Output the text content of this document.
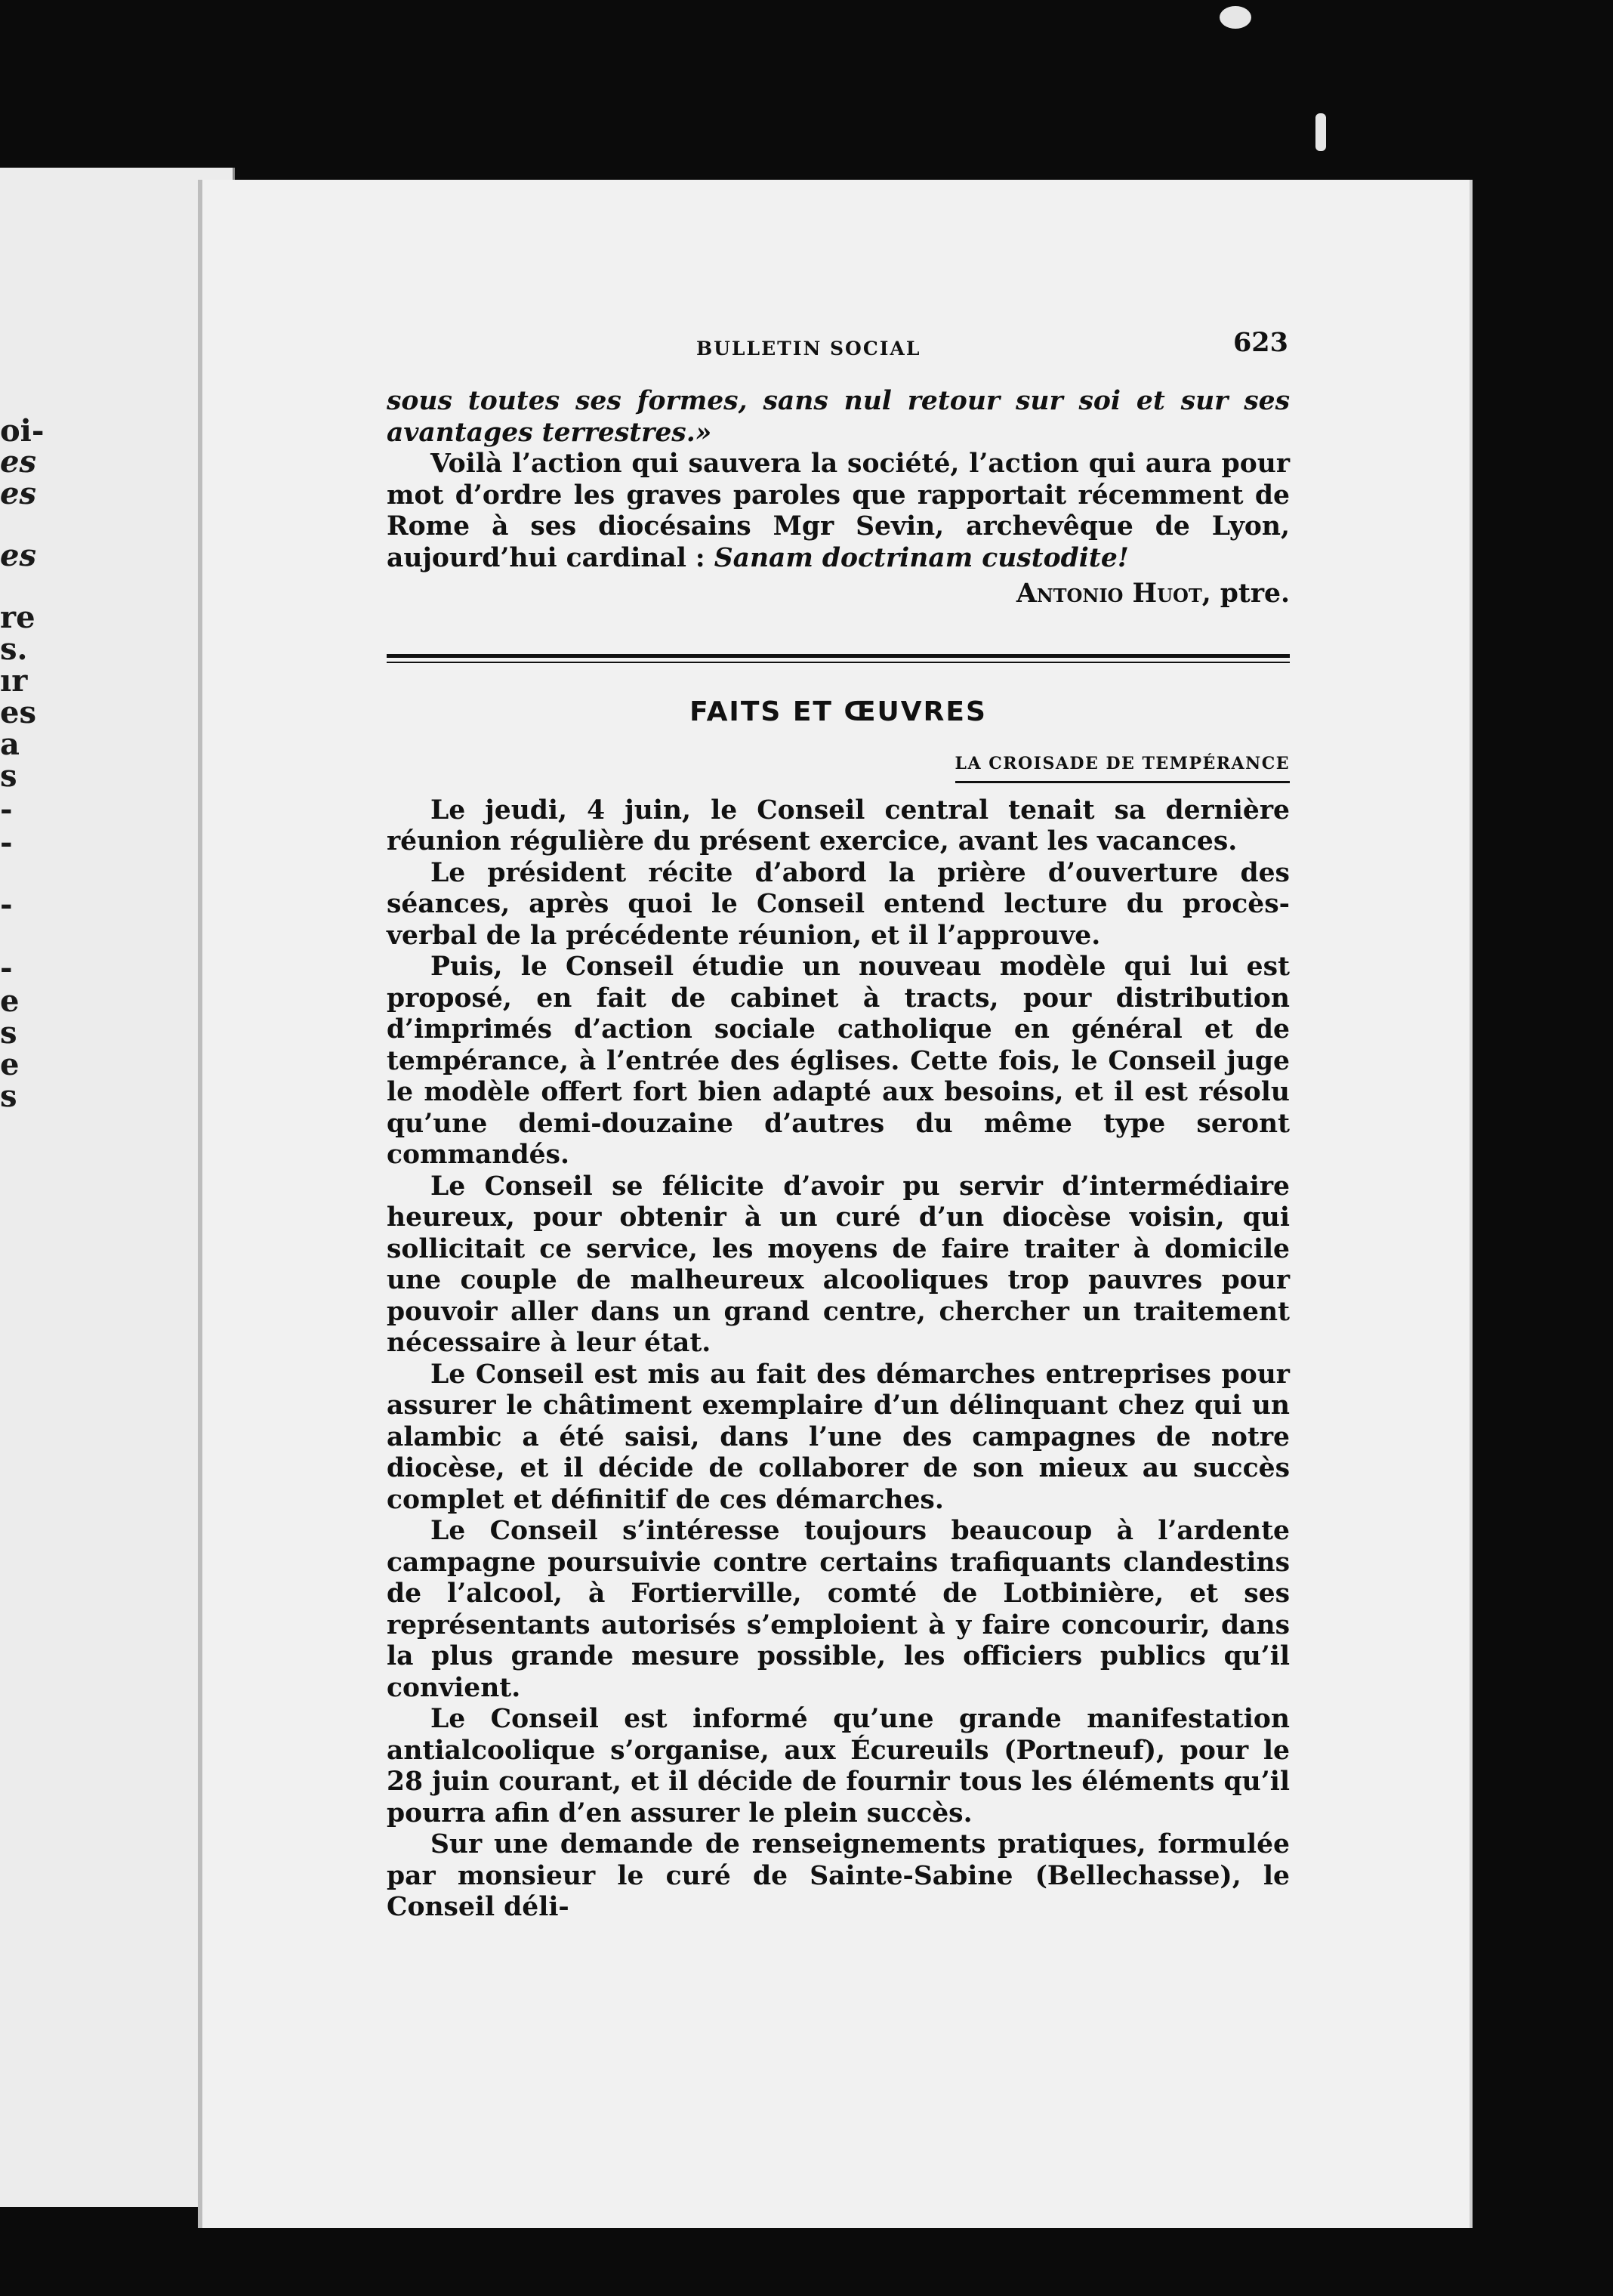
oi-
es
es
es
re
s.
ır
es
a
s
-
-
-
-
e
s
e
s
BULLETIN SOCIAL	623

sous toutes ses formes, sans nul retour sur soi et sur ses avantages terrestres.»

Voilà l’action qui sauvera la société, l’action qui aura pour mot d’ordre les graves paroles que rapportait récemment de Rome à ses diocésains Mgr Sevin, archevêque de Lyon, aujourd’hui cardinal : Sanam doctrinam custodite!

Antonio Huot, ptre.

FAITS ET ŒUVRES
LA CROISADE DE TEMPÉRANCE

Le jeudi, 4 juin, le Conseil central tenait sa dernière réunion régulière du présent exercice, avant les vacances.

Le président récite d’abord la prière d’ouverture des séances, après quoi le Conseil entend lecture du procès-verbal de la précédente réunion, et il l’approuve.

Puis, le Conseil étudie un nouveau modèle qui lui est proposé, en fait de cabinet à tracts, pour distribution d’imprimés d’action sociale catholique en général et de tempérance, à l’entrée des églises. Cette fois, le Conseil juge le modèle offert fort bien adapté aux besoins, et il est résolu qu’une demi-douzaine d’autres du même type seront commandés.

Le Conseil se félicite d’avoir pu servir d’intermédiaire heureux, pour obtenir à un curé d’un diocèse voisin, qui sollicitait ce service, les moyens de faire traiter à domicile une couple de malheureux alcooliques trop pauvres pour pouvoir aller dans un grand centre, chercher un traitement nécessaire à leur état.

Le Conseil est mis au fait des démarches entreprises pour assurer le châtiment exemplaire d’un délinquant chez qui un alambic a été saisi, dans l’une des campagnes de notre diocèse, et il décide de collaborer de son mieux au succès complet et définitif de ces démarches.

Le Conseil s’intéresse toujours beaucoup à l’ardente campagne poursuivie contre certains trafiquants clandestins de l’alcool, à Fortierville, comté de Lotbinière, et ses représentants autorisés s’emploient à y faire concourir, dans la plus grande mesure possible, les officiers publics qu’il convient.

Le Conseil est informé qu’une grande manifestation antialcoolique s’organise, aux Écureuils (Portneuf), pour le 28 juin courant, et il décide de fournir tous les éléments qu’il pourra afin d’en assurer le plein succès.

Sur une demande de renseignements pratiques, formulée par monsieur le curé de Sainte-Sabine (Bellechasse), le Conseil déli-
